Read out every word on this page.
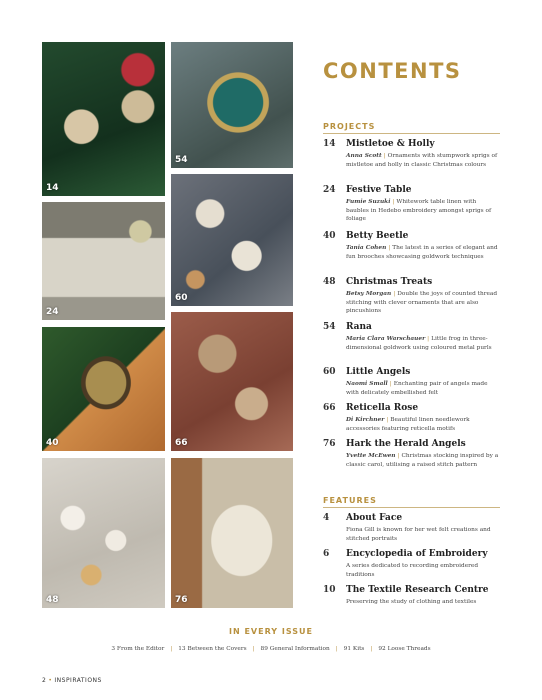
14
54
24
60
40	66
48	76
CONTENTS
PROJECTS
14	Mistletoe & Holly
Anna Scott | Ornaments with stumpwork sprigs of mistletoe and holly in classic Christmas colours
24	Festive Table
Fumie Suzuki | Whitework table linen with baubles in Hedebo embroidery amongst sprigs of foliage
40	Betty Beetle
Tania Cohen | The latest in a series of elegant and fun brooches showcasing goldwork techniques
48	Christmas Treats
Betsy Morgan | Double the joys of counted thread stitching with clever ornaments that are also pincushions
54	Rana
Maria Clara Warschauer | Little frog in three-dimensional goldwork using coloured metal purls
60	Little Angels
Naomi Small | Enchanting pair of angels made with delicately embellished felt
66	Reticella Rose
Di Kirchner | Beautiful linen needlework accessories featuring reticella motifs
76	Hark the Herald Angels
Yvette McEwen | Christmas stocking inspired by a classic carol, utilising a raised stitch pattern
FEATURES
4	About Face
Fiona Gill is known for her wet felt creations and stitched portraits
6	Encyclopedia of Embroidery
A series dedicated to recording embroidered traditions
10	The Textile Research Centre
Preserving the study of clothing and textiles
IN EVERY ISSUE
3 From the Editor | 13 Between the Covers | 89 General Information | 91 Kits | 92 Loose Threads
2 • INSPIRATIONS
